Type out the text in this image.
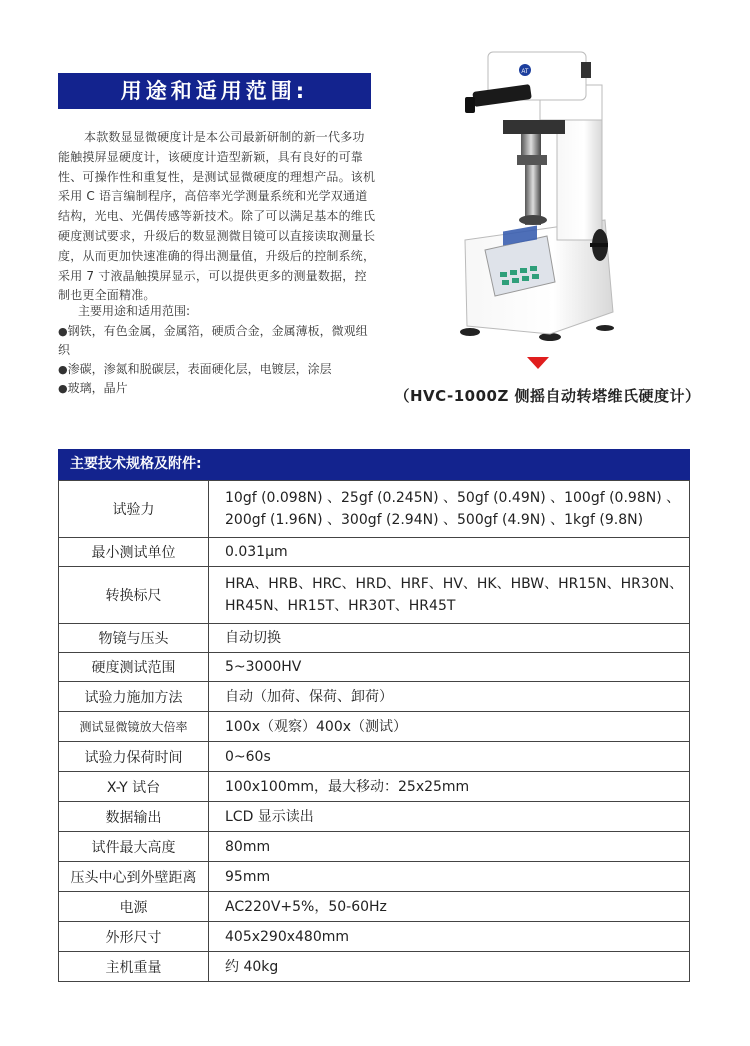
用途和适用范围:
本款数显显微硬度计是本公司最新研制的新一代多功能触摸屏显硬度计，该硬度计造型新颖，具有良好的可靠性、可操作性和重复性，是测试显微硬度的理想产品。该机采用 C 语言编制程序，高倍率光学测量系统和光学双通道结构，光电、光偶传感等新技术。除了可以满足基本的维氏硬度测试要求，升级后的数显测微目镜可以直接读取测量长度，从而更加快速准确的得出测量值，升级后的控制系统，采用 7 寸液晶触摸屏显示，可以提供更多的测量数据，控制也更全面精准。
主要用途和适用范围:
●钢铁，有色金属，金属箔，硬质合金，金属薄板，微观组织
●渗碳，渗氮和脱碳层，表面硬化层，电镀层，涂层
●玻璃，晶片
AT
（HVC-1000Z 侧摇自动转塔维氏硬度计）
主要技术规格及附件:
试验力	10gf (0.098N) 、25gf (0.245N) 、50gf (0.49N) 、100gf (0.98N) 、200gf (1.96N) 、300gf (2.94N) 、500gf (4.9N) 、1kgf (9.8N)
最小测试单位	0.031μm
转换标尺	HRA、HRB、HRC、HRD、HRF、HV、HK、HBW、HR15N、HR30N、HR45N、HR15T、HR30T、HR45T
物镜与压头	自动切换
硬度测试范围	5~3000HV
试验力施加方法	自动（加荷、保荷、卸荷）
测试显微镜放大倍率	100x（观察）400x（测试）
试验力保荷时间	0~60s
X-Y 试台	100x100mm，最大移动：25x25mm
数据输出	LCD 显示读出
试件最大高度	80mm
压头中心到外壁距离	95mm
电源	AC220V+5%，50-60Hz
外形尺寸	405x290x480mm
主机重量	约 40kg
